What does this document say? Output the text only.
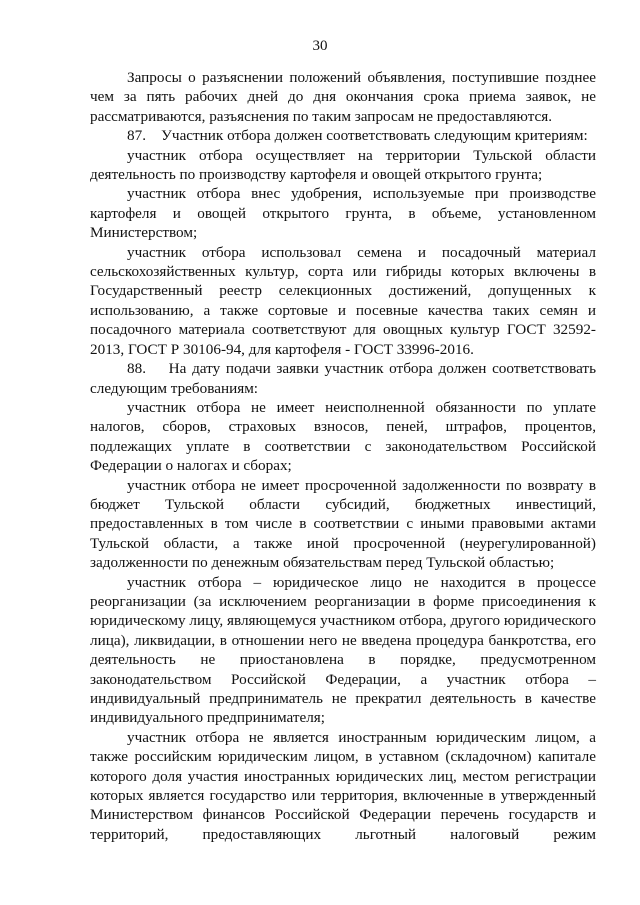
30

Запросы о разъяснении положений объявления, поступившие позднее чем за пять рабочих дней до дня окончания срока приема заявок, не рассматриваются, разъяснения по таким запросам не предоставляются.

87.    Участник отбора должен соответствовать следующим критериям:

участник отбора осуществляет на территории Тульской области деятельность по производству картофеля и овощей открытого грунта;

участник отбора внес удобрения, используемые при производстве картофеля и овощей открытого грунта, в объеме, установленном Министерством;

участник отбора использовал семена и посадочный материал сельскохозяйственных культур, сорта или гибриды которых включены в Государственный реестр селекционных достижений, допущенных к использованию, а также сортовые и посевные качества таких семян и посадочного материала соответствуют для овощных культур ГОСТ 32592-2013, ГОСТ Р 30106-94, для картофеля - ГОСТ 33996-2016.

88.    На дату подачи заявки участник отбора должен соответствовать следующим требованиям:

участник отбора не имеет неисполненной обязанности по уплате налогов, сборов, страховых взносов, пеней, штрафов, процентов, подлежащих уплате в соответствии с законодательством Российской Федерации о налогах и сборах;

участник отбора не имеет просроченной задолженности по возврату в бюджет Тульской области субсидий, бюджетных инвестиций, предоставленных в том числе в соответствии с иными правовыми актами Тульской области, а также иной просроченной (неурегулированной) задолженности по денежным обязательствам перед Тульской областью;

участник отбора – юридическое лицо не находится в процессе реорганизации (за исключением реорганизации в форме присоединения к юридическому лицу, являющемуся участником отбора, другого юридического лица), ликвидации, в отношении него не введена процедура банкротства, его деятельность не приостановлена в порядке, предусмотренном законодательством Российской Федерации, а участник отбора – индивидуальный предприниматель не прекратил деятельность в качестве индивидуального предпринимателя;

участник отбора не является иностранным юридическим лицом, а также российским юридическим лицом, в уставном (складочном) капитале которого доля участия иностранных юридических лиц, местом регистрации которых является государство или территория, включенные в утвержденный Министерством финансов Российской Федерации перечень государств и территорий, предоставляющих льготный налоговый режим
